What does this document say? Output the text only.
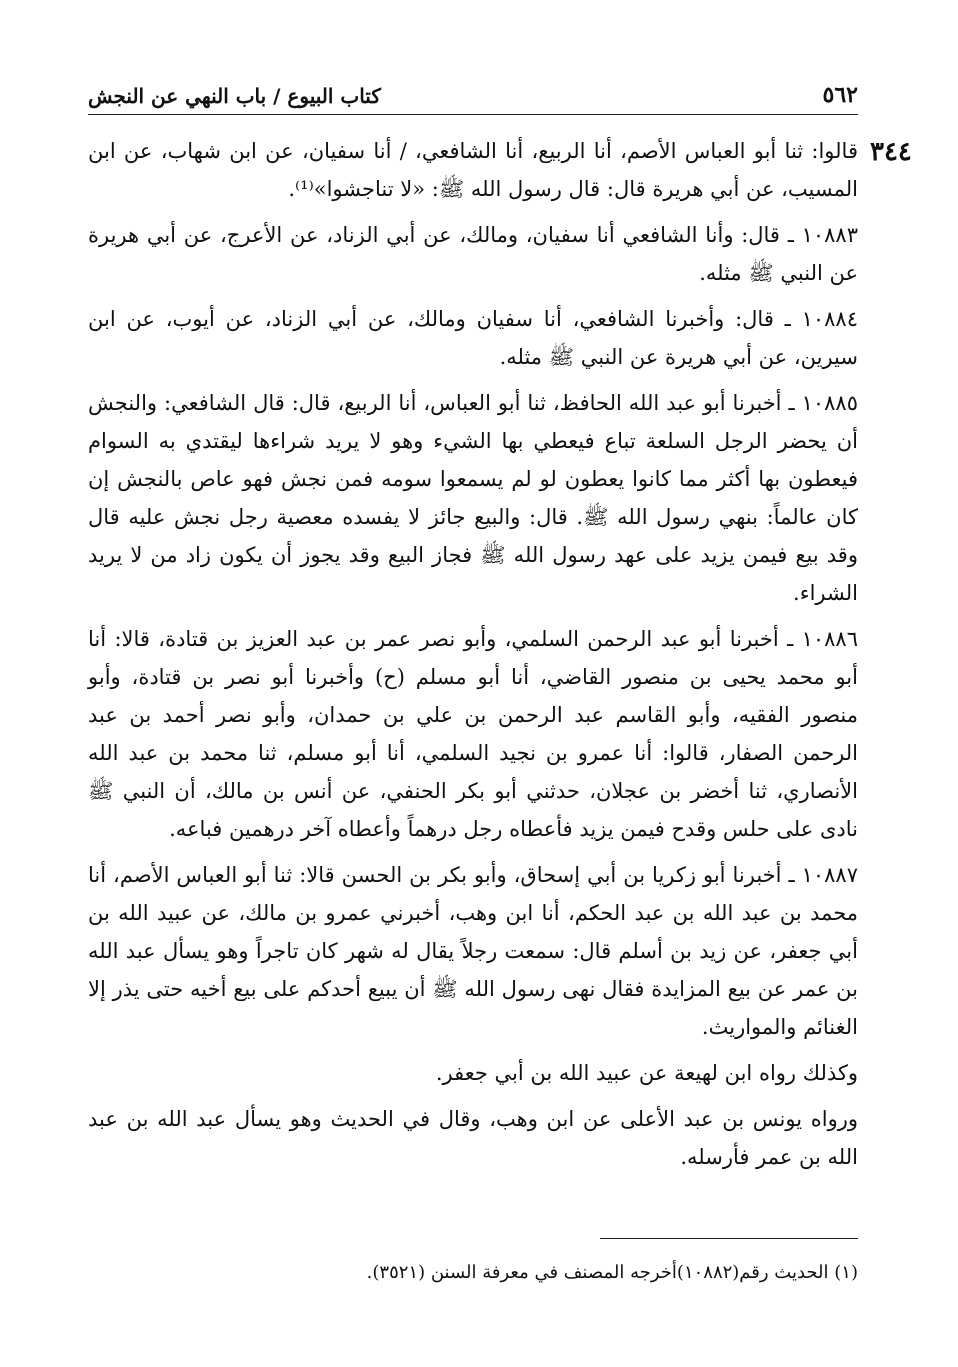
٥٦٢
كتاب البيوع / باب النهي عن النجش
٣٤٤

قالوا: ثنا أبو العباس الأصم، أنا الربيع، أنا الشافعي، / أنا سفيان، عن ابن شهاب، عن ابن المسيب، عن أبي هريرة قال: قال رسول الله ﷺ: «لا تناجشوا»⁽¹⁾.

١٠٨٨٣ ـ قال: وأنا الشافعي أنا سفيان، ومالك، عن أبي الزناد، عن الأعرج، عن أبي هريرة عن النبي ﷺ مثله.

١٠٨٨٤ ـ قال: وأخبرنا الشافعي، أنا سفيان ومالك، عن أبي الزناد، عن أيوب، عن ابن سيرين، عن أبي هريرة عن النبي ﷺ مثله.

١٠٨٨٥ ـ أخبرنا أبو عبد الله الحافظ، ثنا أبو العباس، أنا الربيع، قال: قال الشافعي: والنجش أن يحضر الرجل السلعة تباع فيعطي بها الشيء وهو لا يريد شراءها ليقتدي به السوام فيعطون بها أكثر مما كانوا يعطون لو لم يسمعوا سومه فمن نجش فهو عاص بالنجش إن كان عالماً: بنهي رسول الله ﷺ. قال: والبيع جائز لا يفسده معصية رجل نجش عليه قال وقد بيع فيمن يزيد على عهد رسول الله ﷺ فجاز البيع وقد يجوز أن يكون زاد من لا يريد الشراء.

١٠٨٨٦ ـ أخبرنا أبو عبد الرحمن السلمي، وأبو نصر عمر بن عبد العزيز بن قتادة، قالا: أنا أبو محمد يحيى بن منصور القاضي، أنا أبو مسلم (ح) وأخبرنا أبو نصر بن قتادة، وأبو منصور الفقيه، وأبو القاسم عبد الرحمن بن علي بن حمدان، وأبو نصر أحمد بن عبد الرحمن الصفار، قالوا: أنا عمرو بن نجيد السلمي، أنا أبو مسلم، ثنا محمد بن عبد الله الأنصاري، ثنا أخضر بن عجلان، حدثني أبو بكر الحنفي، عن أنس بن مالك، أن النبي ﷺ نادى على حلس وقدح فيمن يزيد فأعطاه رجل درهماً وأعطاه آخر درهمين فباعه.

١٠٨٨٧ ـ أخبرنا أبو زكريا بن أبي إسحاق، وأبو بكر بن الحسن قالا: ثنا أبو العباس الأصم، أنا محمد بن عبد الله بن عبد الحكم، أنا ابن وهب، أخبرني عمرو بن مالك، عن عبيد الله بن أبي جعفر، عن زيد بن أسلم قال: سمعت رجلاً يقال له شهر كان تاجراً وهو يسأل عبد الله بن عمر عن بيع المزايدة فقال نهى رسول الله ﷺ أن يبيع أحدكم على بيع أخيه حتى يذر إلا الغنائم والمواريث.

وكذلك رواه ابن لهيعة عن عبيد الله بن أبي جعفر.

ورواه يونس بن عبد الأعلى عن ابن وهب، وقال في الحديث وهو يسأل عبد الله بن عبد الله بن عمر فأرسله.

(١) الحديث رقم(١٠٨٨٢)أخرجه المصنف في معرفة السنن (٣٥٢١).
